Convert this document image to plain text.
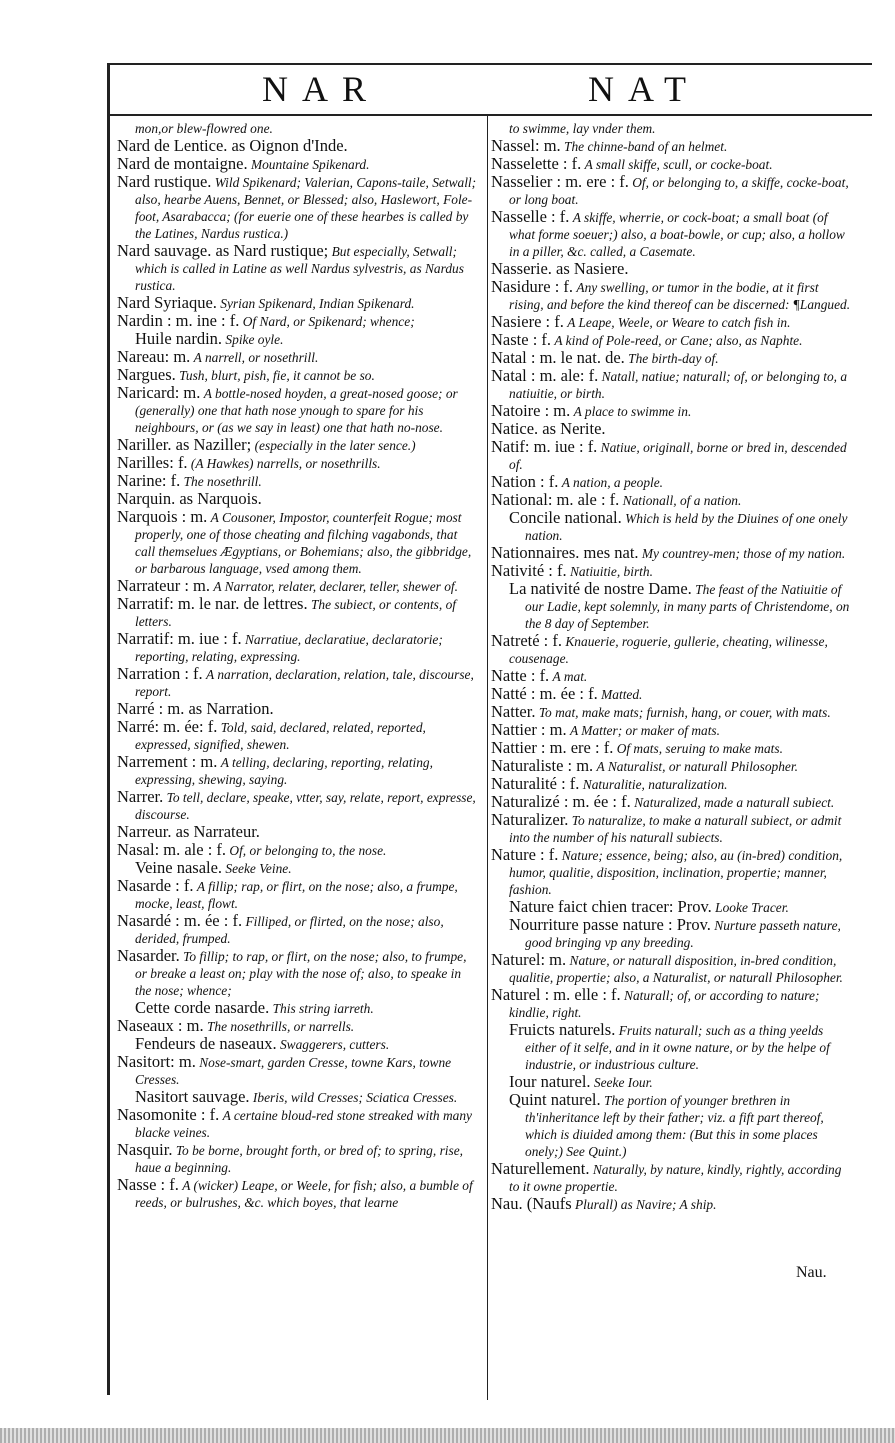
NAR	NAT

mon,or blew-flowred one.

Nard de Lentice. as Oignon d'Inde.

Nard de montaigne. Mountaine Spikenard.

Nard rustique. Wild Spikenard; Valerian, Capons-taile, Setwall; also, hearbe Auens, Bennet, or Blessed; also, Haslewort, Fole-foot, Asarabacca; (for euerie one of these hearbes is called by the Latines, Nardus rustica.)

Nard sauvage. as Nard rustique; But especially, Setwall; which is called in Latine as well Nardus sylvestris, as Nardus rustica.

Nard Syriaque. Syrian Spikenard, Indian Spikenard.

Nardin : m. ine : f. Of Nard, or Spikenard; whence;

Huile nardin. Spike oyle.

Nareau: m. A narrell, or nosethrill.

Nargues. Tush, blurt, pish, fie, it cannot be so.

Naricard: m. A bottle-nosed hoyden, a great-nosed goose; or (generally) one that hath nose ynough to spare for his neighbours, or (as we say in least) one that hath no-nose.

Nariller. as Naziller; (especially in the later sence.)

Narilles: f. (A Hawkes) narrells, or nosethrills.

Narine: f. The nosethrill.

Narquin. as Narquois.

Narquois : m. A Cousoner, Impostor, counterfeit Rogue; most properly, one of those cheating and filching vagabonds, that call themselues Ægyptians, or Bohemians; also, the gibbridge, or barbarous language, vsed among them.

Narrateur : m. A Narrator, relater, declarer, teller, shewer of.

Narratif: m. le nar. de lettres. The subiect, or contents, of letters.

Narratif: m. iue : f. Narratiue, declaratiue, declaratorie; reporting, relating, expressing.

Narration : f. A narration, declaration, relation, tale, discourse, report.

Narré : m. as Narration.

Narré: m. ée: f. Told, said, declared, related, reported, expressed, signified, shewen.

Narrement : m. A telling, declaring, reporting, relating, expressing, shewing, saying.

Narrer. To tell, declare, speake, vtter, say, relate, report, expresse, discourse.

Narreur. as Narrateur.

Nasal: m. ale : f. Of, or belonging to, the nose.

Veine nasale. Seeke Veine.

Nasarde : f. A fillip; rap, or flirt, on the nose; also, a frumpe, mocke, least, flowt.

Nasardé : m. ée : f. Filliped, or flirted, on the nose; also, derided, frumped.

Nasarder. To fillip; to rap, or flirt, on the nose; also, to frumpe, or breake a least on; play with the nose of; also, to speake in the nose; whence;

Cette corde nasarde. This string iarreth.

Naseaux : m. The nosethrills, or narrells.

Fendeurs de naseaux. Swaggerers, cutters.

Nasitort: m. Nose-smart, garden Cresse, towne Kars, towne Cresses.

Nasitort sauvage. Iberis, wild Cresses; Sciatica Cresses.

Nasomonite : f. A certaine bloud-red stone streaked with many blacke veines.

Nasquir. To be borne, brought forth, or bred of; to spring, rise, haue a beginning.

Nasse : f. A (wicker) Leape, or Weele, for fish; also, a bumble of reeds, or bulrushes, &c. which boyes, that learne

to swimme, lay vnder them.

Nassel: m. The chinne-band of an helmet.

Nasselette : f. A small skiffe, scull, or cocke-boat.

Nasselier : m. ere : f. Of, or belonging to, a skiffe, cocke-boat, or long boat.

Nasselle : f. A skiffe, wherrie, or cock-boat; a small boat (of what forme soeuer;) also, a boat-bowle, or cup; also, a hollow in a piller, &c. called, a Casemate.

Nasserie. as Nasiere.

Nasidure : f. Any swelling, or tumor in the bodie, at it first rising, and before the kind thereof can be discerned: ¶Langued.

Nasiere : f. A Leape, Weele, or Weare to catch fish in.

Naste : f. A kind of Pole-reed, or Cane; also, as Naphte.

Natal : m. le nat. de. The birth-day of.

Natal : m. ale: f. Natall, natiue; naturall; of, or belonging to, a natiuitie, or birth.

Natoire : m. A place to swimme in.

Natice. as Nerite.

Natif: m. iue : f. Natiue, originall, borne or bred in, descended of.

Nation : f. A nation, a people.

National: m. ale : f. Nationall, of a nation.

Concile national. Which is held by the Diuines of one onely nation.

Nationnaires. mes nat. My countrey-men; those of my nation.

Nativité : f. Natiuitie, birth.

La nativité de nostre Dame. The feast of the Natiuitie of our Ladie, kept solemnly, in many parts of Christendome, on the 8 day of September.

Natreté : f. Knauerie, roguerie, gullerie, cheating, wilinesse, cousenage.

Natte : f. A mat.

Natté : m. ée : f. Matted.

Natter. To mat, make mats; furnish, hang, or couer, with mats.

Nattier : m. A Matter; or maker of mats.

Nattier : m. ere : f. Of mats, seruing to make mats.

Naturaliste : m. A Naturalist, or naturall Philosopher.

Naturalité : f. Naturalitie, naturalization.

Naturalizé : m. ée : f. Naturalized, made a naturall subiect.

Naturalizer. To naturalize, to make a naturall subiect, or admit into the number of his naturall subiects.

Nature : f. Nature; essence, being; also, au (in-bred) condition, humor, qualitie, disposition, inclination, propertie; manner, fashion.

Nature faict chien tracer: Prov. Looke Tracer.

Nourriture passe nature : Prov. Nurture passeth nature, good bringing vp any breeding.

Naturel: m. Nature, or naturall disposition, in-bred condition, qualitie, propertie; also, a Naturalist, or naturall Philosopher.

Naturel : m. elle : f. Naturall; of, or according to nature; kindlie, right.

Fruicts naturels. Fruits naturall; such as a thing yeelds either of it selfe, and in it owne nature, or by the helpe of industrie, or industrious culture.

Iour naturel. Seeke Iour.

Quint naturel. The portion of younger brethren in th'inheritance left by their father; viz. a fift part thereof, which is diuided among them: (But this in some places onely;) See Quint.)

Naturellement. Naturally, by nature, kindly, rightly, according to it owne propertie.

Nau. (Naufs Plurall) as Navire; A ship.

Nau.
